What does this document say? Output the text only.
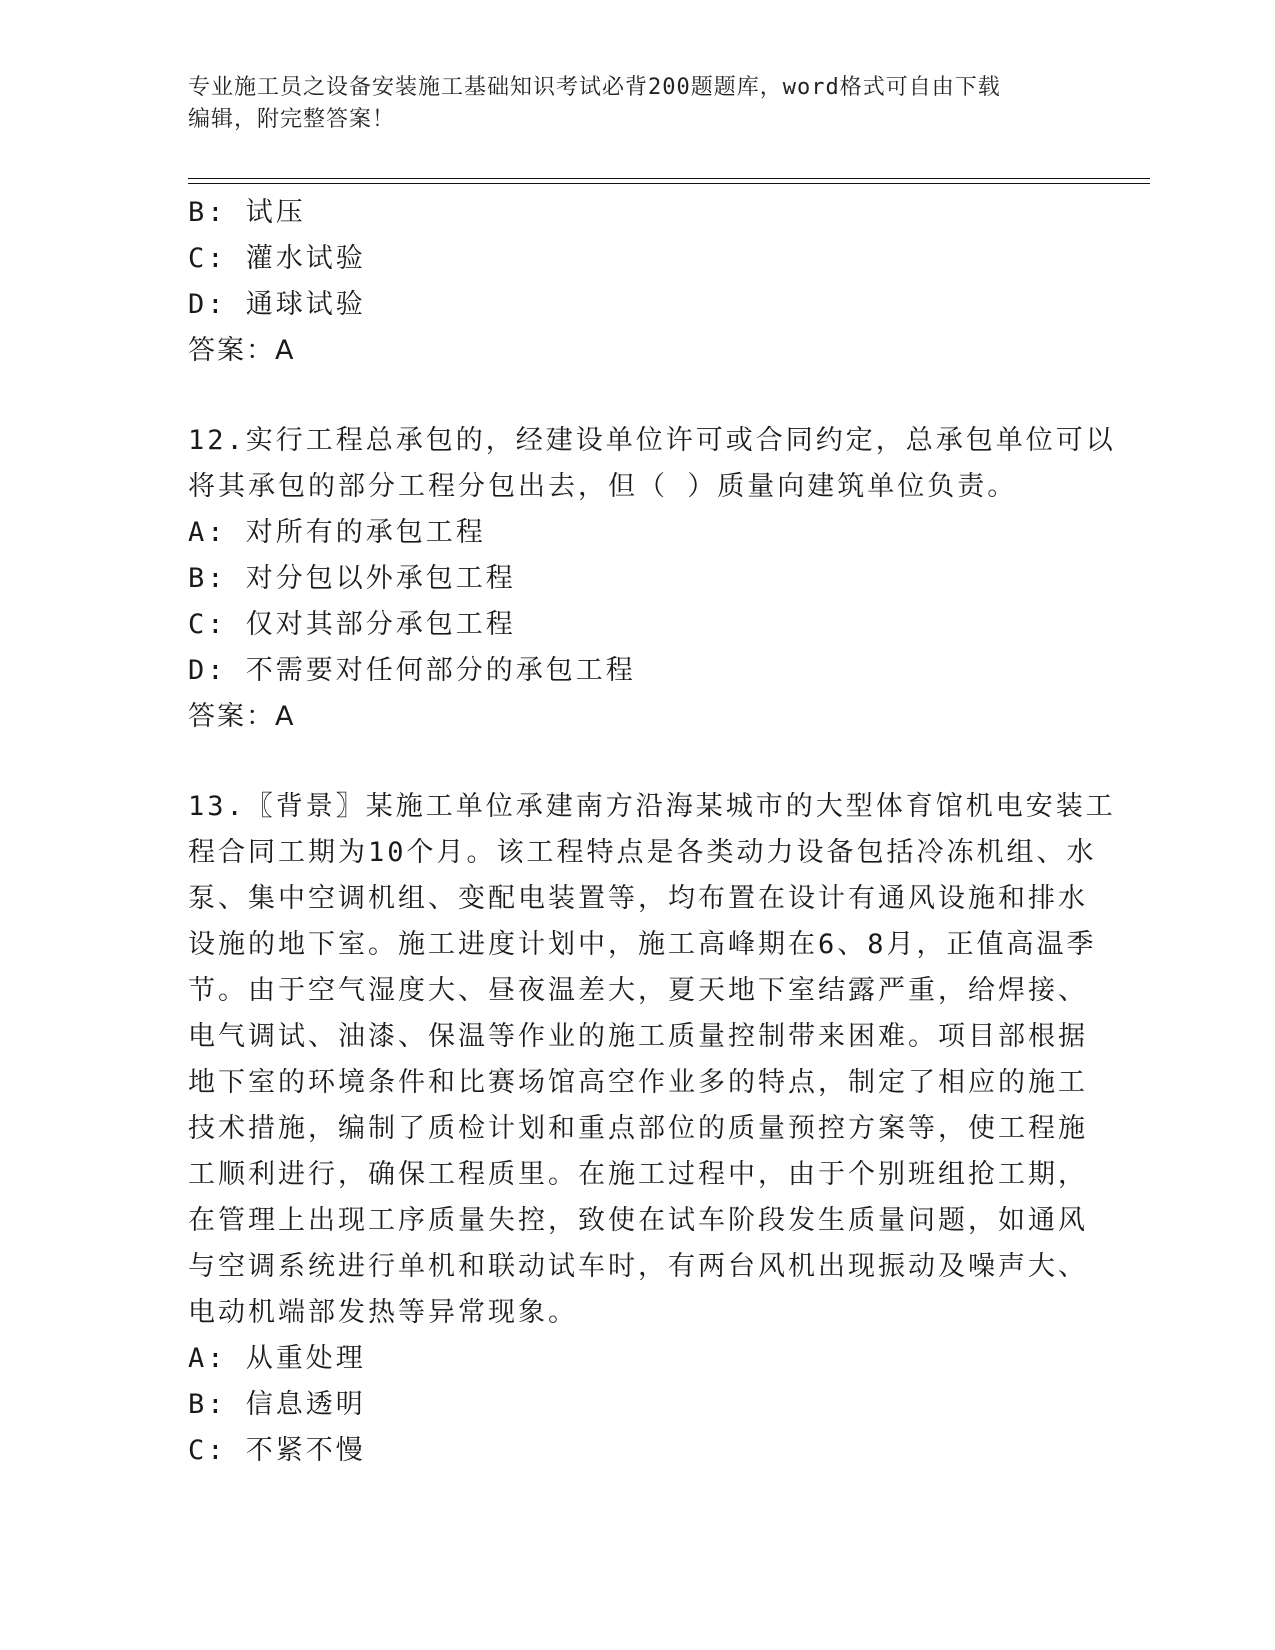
专业施工员之设备安装施工基础知识考试必背200题题库，word格式可自由下载
编辑，附完整答案！
B: 试压
C: 灌水试验
D: 通球试验
答案：A
12.实行工程总承包的，经建设单位许可或合同约定，总承包单位可以
将其承包的部分工程分包出去，但（ ）质量向建筑单位负责。
A: 对所有的承包工程
B: 对分包以外承包工程
C: 仅对其部分承包工程
D: 不需要对任何部分的承包工程
答案：A
13.〖背景〗某施工单位承建南方沿海某城市的大型体育馆机电安装工
程合同工期为10个月。该工程特点是各类动力设备包括冷冻机组、水
泵、集中空调机组、变配电装置等，均布置在设计有通风设施和排水
设施的地下室。施工进度计划中，施工高峰期在6、8月，正值高温季
节。由于空气湿度大、昼夜温差大，夏天地下室结露严重，给焊接、
电气调试、油漆、保温等作业的施工质量控制带来困难。项目部根据
地下室的环境条件和比赛场馆高空作业多的特点，制定了相应的施工
技术措施，编制了质检计划和重点部位的质量预控方案等，使工程施
工顺利进行，确保工程质里。在施工过程中，由于个别班组抢工期，
在管理上出现工序质量失控，致使在试车阶段发生质量问题，如通风
与空调系统进行单机和联动试车时，有两台风机出现振动及噪声大、
电动机端部发热等异常现象。
A: 从重处理
B: 信息透明
C: 不紧不慢
